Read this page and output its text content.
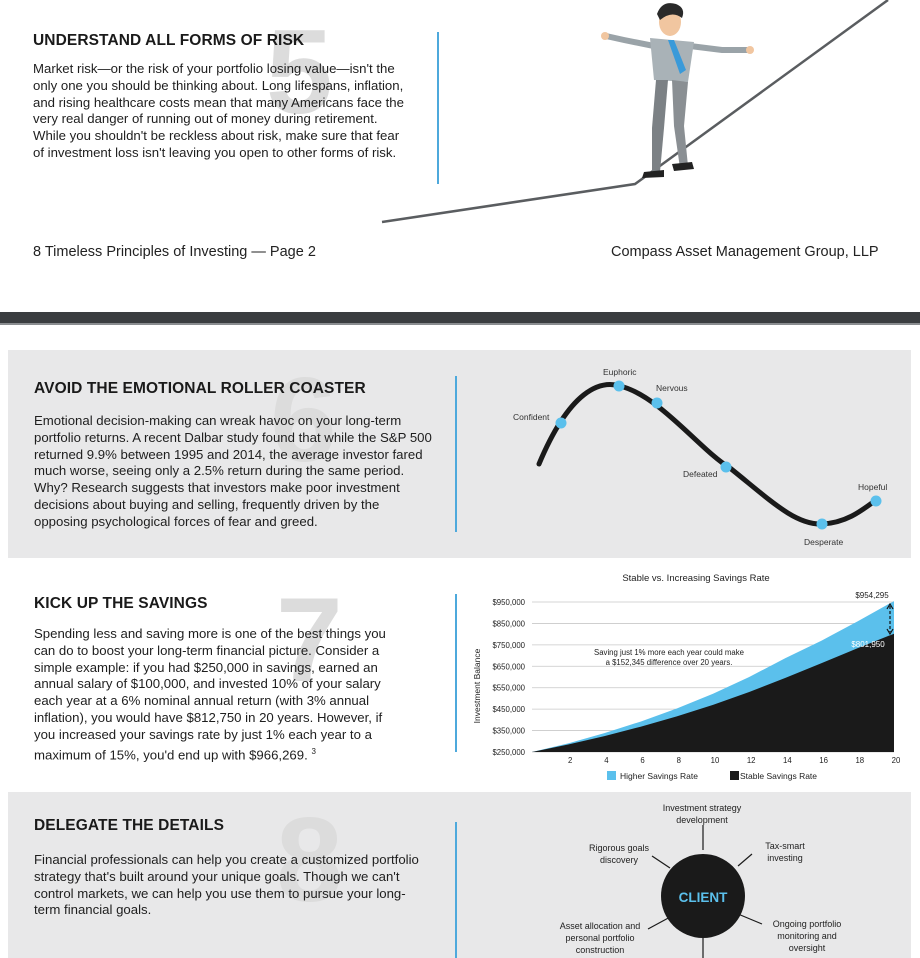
5
UNDERSTAND ALL FORMS OF RISK
Market risk—or the risk of your portfolio losing value—isn't the only one you should be thinking about. Long lifespans, inflation, and rising healthcare costs mean that many Americans face the very real danger of running out of money during retirement. While you shouldn't be reckless about risk, make sure that fear of investment loss isn't leaving you open to other forms of risk.
8 Timeless Principles of Investing — Page 2	Compass Asset Management Group, LLP
6
AVOID THE EMOTIONAL ROLLER COASTER
Emotional decision-making can wreak havoc on your long-term portfolio returns. A recent Dalbar study found that while the S&P 500 returned 9.9% between 1995 and 2014, the average investor fared much worse, seeing only a 2.5% return during the same period. Why? Research suggests that investors make poor investment decisions about buying and selling, frequently driven by the opposing psychological forces of fear and greed.
Confident
Euphoric
Nervous
Defeated
Desperate
Hopeful
7
KICK UP THE SAVINGS
Spending less and saving more is one of the best things you can do to boost your long-term financial picture. Consider a simple example: if you had $250,000 in savings, earned an annual salary of $100,000, and invested 10% of your salary each year at a 6% nominal annual return (with 3% annual inflation), you would have $812,750 in 20 years. However, if you increased your savings rate by just 1% each year to a maximum of 15%, you'd end up with $966,269. $^3$
Stable vs. Increasing Savings Rate
Investment Balance
$250,000
$350,000
$450,000
$550,000
$650,000
$750,000
$850,000
$950,000
2	4	6	8	10	12	14	16	18	20
Saving just 1% more each year could make
a $152,345 difference over 20 years.
$954,295
$801,950
Higher Savings Rate	Stable Savings Rate
8
DELEGATE THE DETAILS
Financial professionals can help you create a customized portfolio strategy that's built around your unique goals. Though we can't control markets, we can help you use them to pursue your long-term financial goals.
CLIENT
Investment strategy
development
Rigorous goals
discovery
Tax-smart
investing
Asset allocation and
personal portfolio
construction
Ongoing portfolio
monitoring and
oversight
